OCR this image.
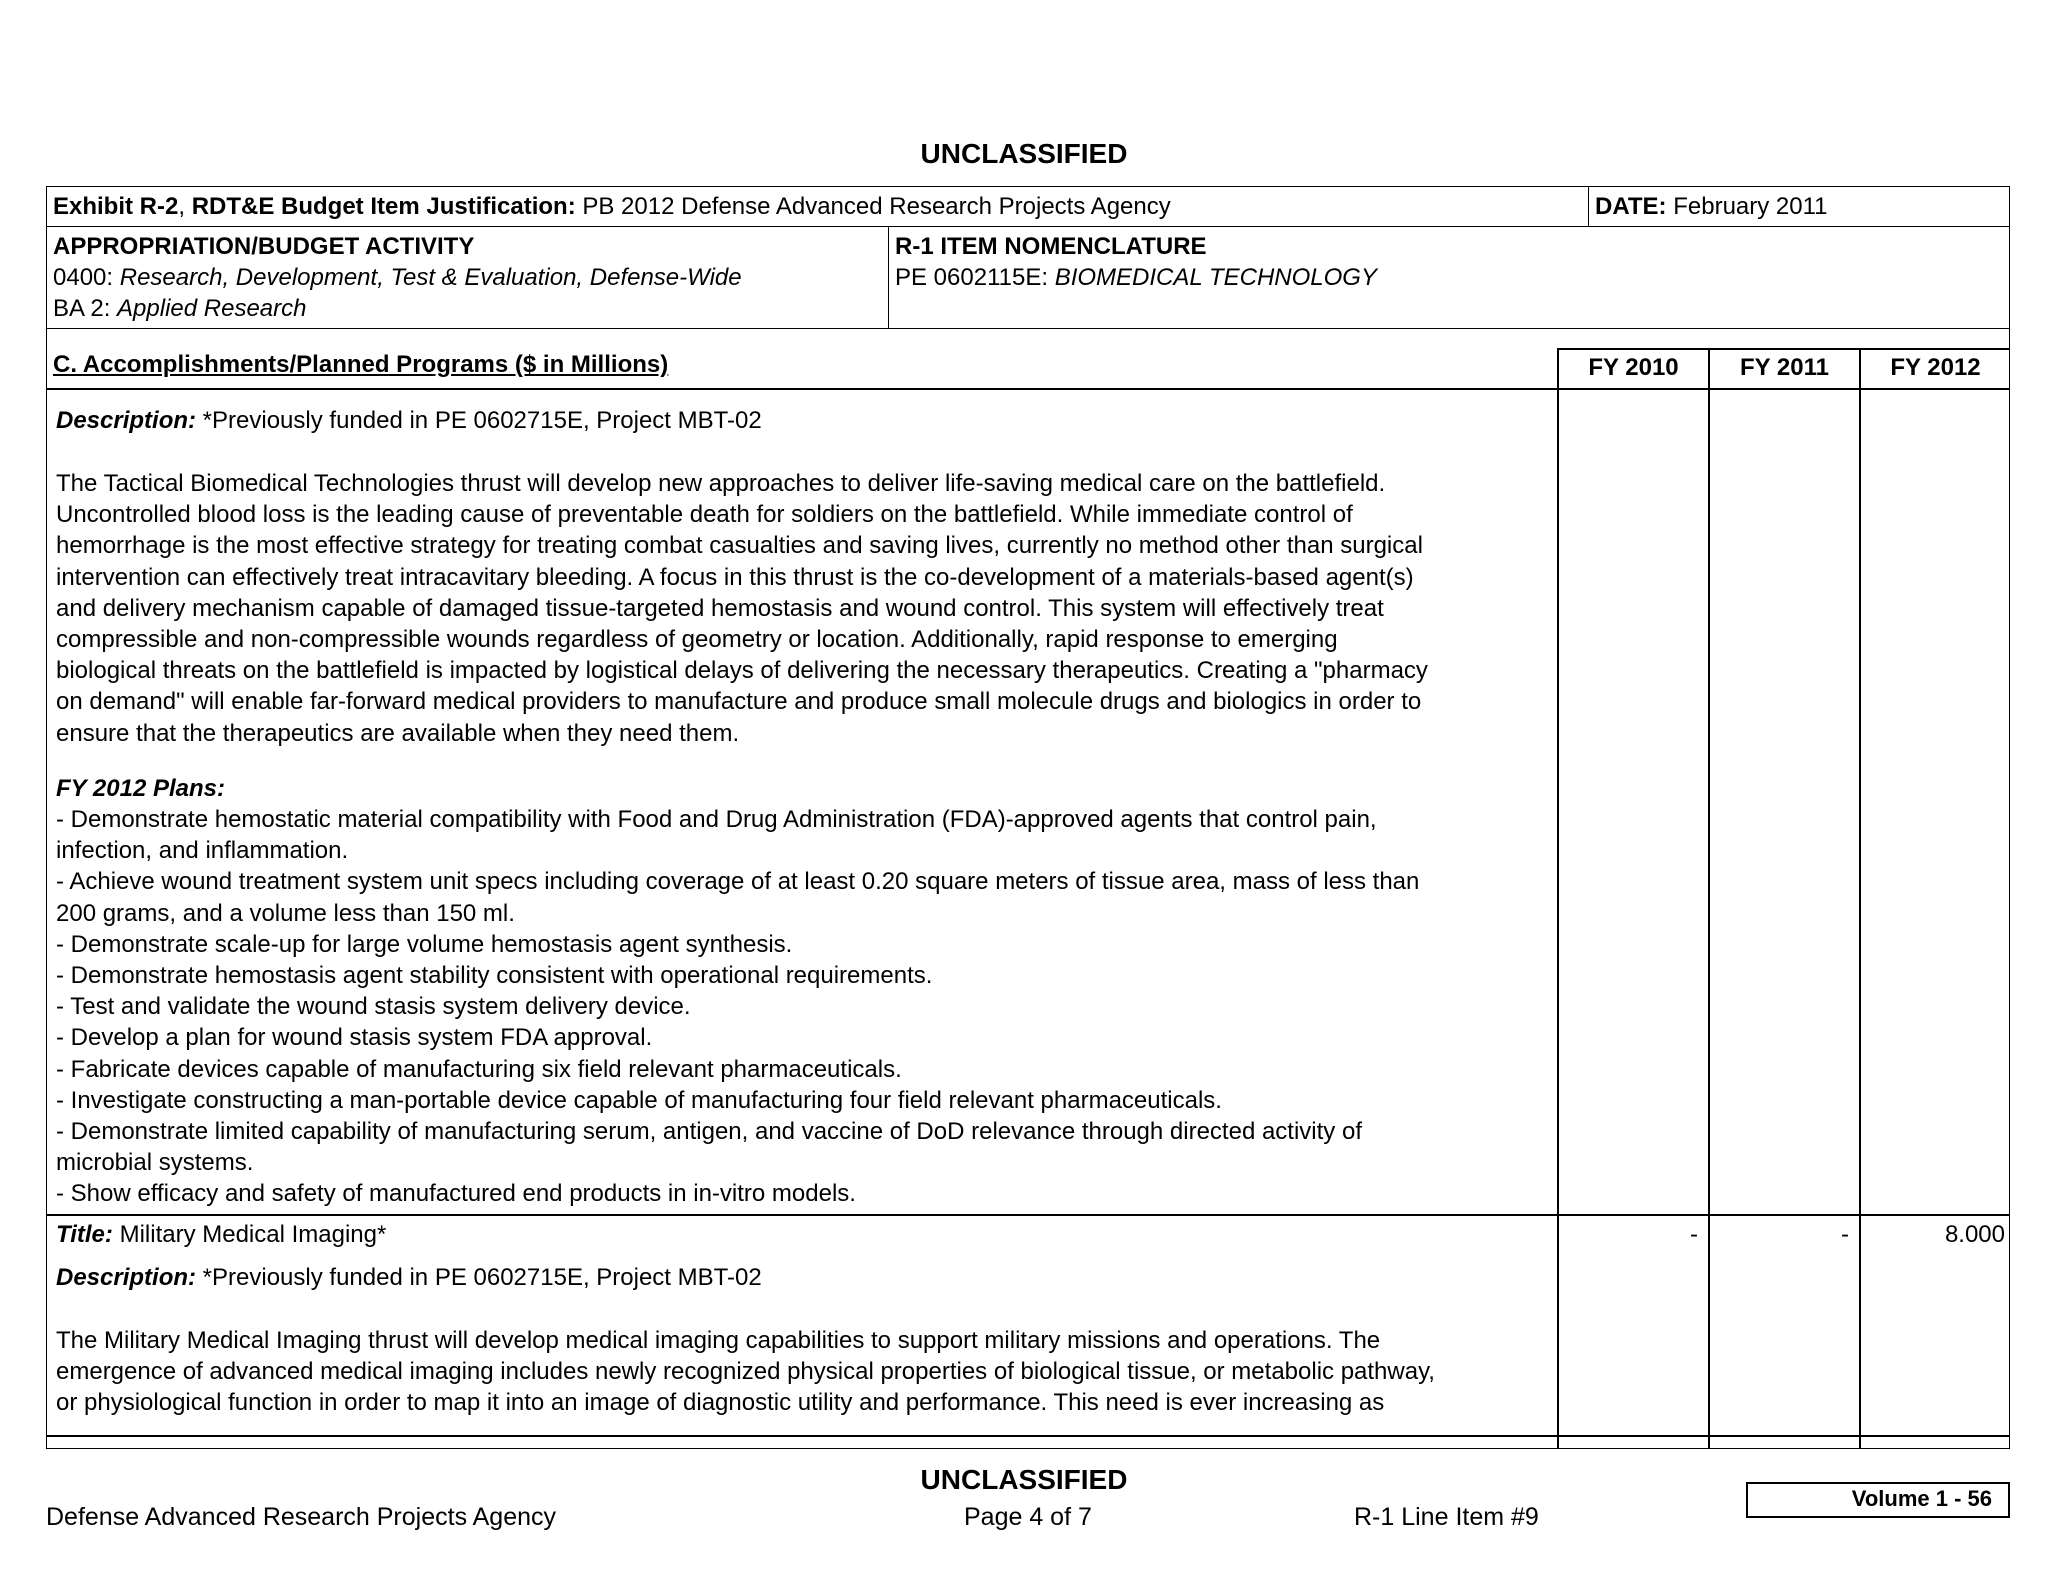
UNCLASSIFIED
Exhibit R-2, RDT&E Budget Item Justification: PB 2012 Defense Advanced Research Projects Agency	DATE: February 2011
APPROPRIATION/BUDGET ACTIVITY
0400: Research, Development, Test & Evaluation, Defense-Wide
BA 2: Applied Research
R-1 ITEM NOMENCLATURE
PE 0602115E: BIOMEDICAL TECHNOLOGY
C. Accomplishments/Planned Programs ($ in Millions)	FY 2010	FY 2011	FY 2012
Description: *Previously funded in PE 0602715E, Project MBT-02
The Tactical Biomedical Technologies thrust will develop new approaches to deliver life-saving medical care on the battlefield.
Uncontrolled blood loss is the leading cause of preventable death for soldiers on the battlefield. While immediate control of
hemorrhage is the most effective strategy for treating combat casualties and saving lives, currently no method other than surgical
intervention can effectively treat intracavitary bleeding. A focus in this thrust is the co-development of a materials-based agent(s)
and delivery mechanism capable of damaged tissue-targeted hemostasis and wound control. This system will effectively treat
compressible and non-compressible wounds regardless of geometry or location. Additionally, rapid response to emerging
biological threats on the battlefield is impacted by logistical delays of delivering the necessary therapeutics. Creating a "pharmacy
on demand" will enable far-forward medical providers to manufacture and produce small molecule drugs and biologics in order to
ensure that the therapeutics are available when they need them.
FY 2012 Plans:
- Demonstrate hemostatic material compatibility with Food and Drug Administration (FDA)-approved agents that control pain,
infection, and inflammation.
- Achieve wound treatment system unit specs including coverage of at least 0.20 square meters of tissue area, mass of less than
200 grams, and a volume less than 150 ml.
- Demonstrate scale-up for large volume hemostasis agent synthesis.
- Demonstrate hemostasis agent stability consistent with operational requirements.
- Test and validate the wound stasis system delivery device.
- Develop a plan for wound stasis system FDA approval.
- Fabricate devices capable of manufacturing six field relevant pharmaceuticals.
- Investigate constructing a man-portable device capable of manufacturing four field relevant pharmaceuticals.
- Demonstrate limited capability of manufacturing serum, antigen, and vaccine of DoD relevance through directed activity of
microbial systems.
- Show efficacy and safety of manufactured end products in in-vitro models.
Title: Military Medical Imaging*	-	-	8.000
Description: *Previously funded in PE 0602715E, Project MBT-02
The Military Medical Imaging thrust will develop medical imaging capabilities to support military missions and operations. The
emergence of advanced medical imaging includes newly recognized physical properties of biological tissue, or metabolic pathway,
or physiological function in order to map it into an image of diagnostic utility and performance. This need is ever increasing as
UNCLASSIFIED
Defense Advanced Research Projects Agency	Page 4 of 7	R-1 Line Item #9
Volume 1 - 56
